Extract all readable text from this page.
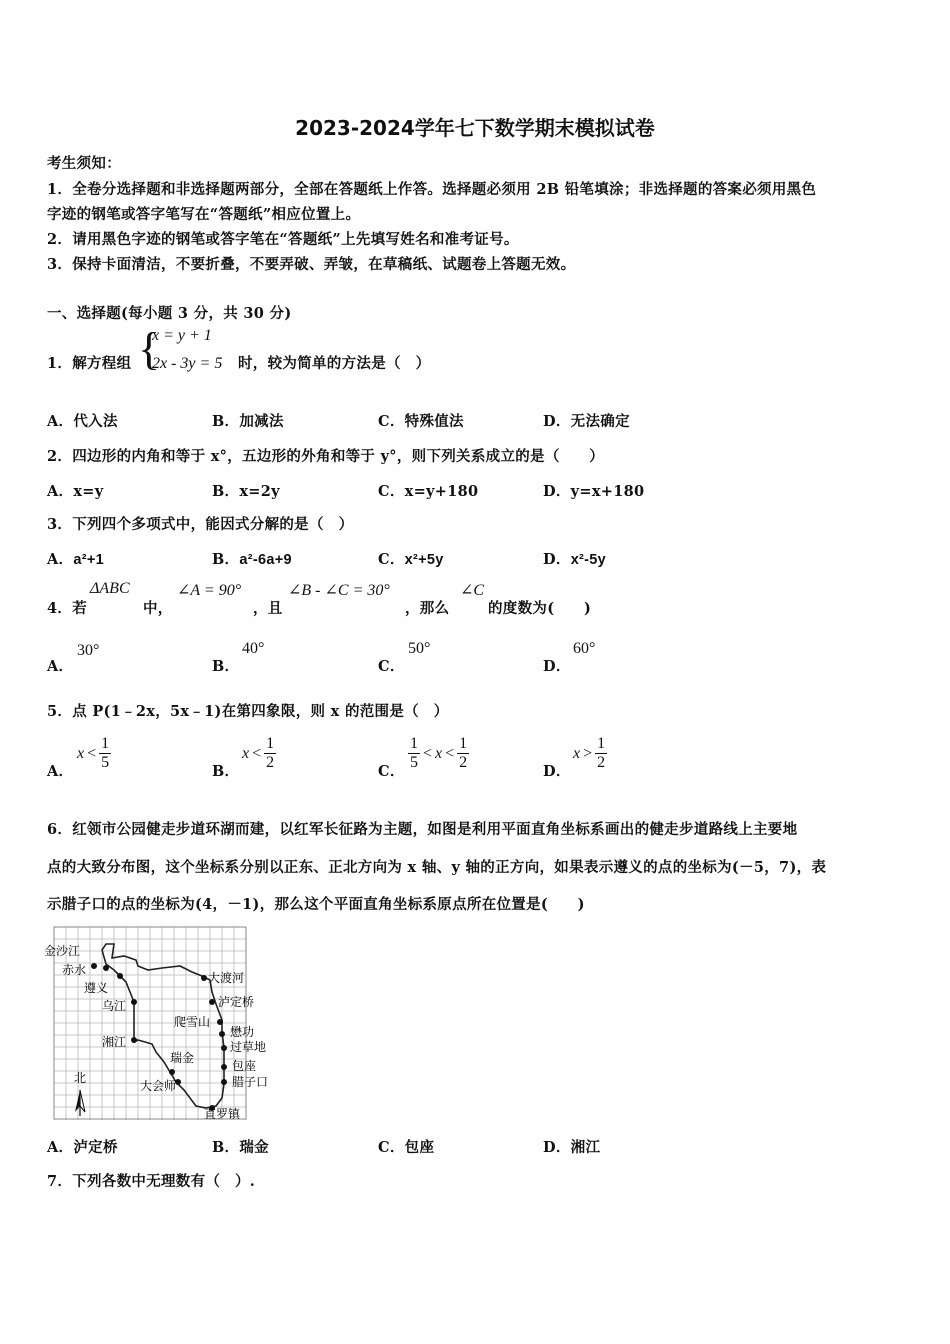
2023-2024学年七下数学期末模拟试卷
考生须知：
1．全卷分选择题和非选择题两部分，全部在答题纸上作答。选择题必须用 2B 铅笔填涂；非选择题的答案必须用黑色
字迹的钢笔或答字笔写在“答题纸”相应位置上。
2．请用黑色字迹的钢笔或答字笔在“答题纸”上先填写姓名和准考证号。
3．保持卡面清洁，不要折叠，不要弄破、弄皱，在草稿纸、试题卷上答题无效。
一、选择题(每小题 3 分，共 30 分)
1．解方程组 {
x = y + 1
2x - 3y = 5 时，较为简单的方法是（　）
A．代入法	B．加减法	C．特殊值法	D．无法确定
2．四边形的内角和等于 x°，五边形的外角和等于 y°，则下列关系成立的是（　　）
A．x=y	B．x=2y	C．x=y+180	D．y=x+180
3．下列四个多项式中，能因式分解的是（　）
A．a²+1	B．a²-6a+9	C．x²+5y	D．x²-5y
4．若
ΔABC
中，
∠A = 90°
，且
∠B - ∠C = 30°
，那么
∠C
的度数为(　　)
A．
30°
B．
40°
C．
50°
D．
60°
5．点 P(1﹣2x，5x﹣1)在第四象限，则 x 的范围是（　）
A．
$x < \frac{1}{5}$	B．
$x < \frac{1}{2}$	C． $\frac{1}{5} < x < \frac{1}{2}$	D．
$x > \frac{1}{2}$
6．红领市公园健走步道环湖而建，以红军长征路为主题，如图是利用平面直角坐标系画出的健走步道路线上主要地
点的大致分布图，这个坐标系分别以正东、正北方向为 x 轴、y 轴的正方向，如果表示遵义的点的坐标为(－5，7)，表
示腊子口的点的坐标为(4，－1)，那么这个平面直角坐标系原点所在位置是(　　)
金沙江
赤水
遵义
乌江
湘江
瑞金
大会师
大渡河
泸定桥
爬雪山
懋功
过草地
包座
腊子口
直罗镇
北
A．泸定桥	B．瑞金	C．包座	D．湘江
7．下列各数中无理数有（　）.
